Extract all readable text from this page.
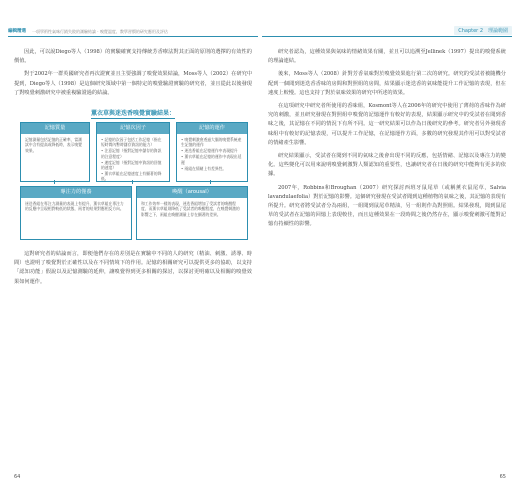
編輯精選 一項學術性氣味行銷失敗的測驗結論 · 嗅覺溫度、教學習慣的研究應用及評估

因此，可以說Diego等人（1998）的實驗確實支持傳統芳香療法對其正面的原則的選擇的有效性的價值。

對于2002年一群英國研究者再次證實並且主要強調了嗅覺效果結論，Moss等人（2002）在研究中提到，Diego等人（1998）是這個研究領域中第一個特定的嗅覺驗證實驗的研究者，並且從此以後發現了對嗅覺刺激研究中被重複驗證過的結論。

薰衣草與迷迭香嗅覺實驗結果：
記憶質量
記憶測量包括記憶的正確率，當測試中含有提高或降低時，表示嗅覺效果。
記憶次因子
• 記憶的次因子包括工作記憶（指在短時間內暫時儲存資訊的能力）
• 注意記憶（指對記憶中儲存的資訊的注意程度）
• 速度記憶（指對記憶中資訊的回憶的速度）
• 薰衣草組在記憶速度上有顯著的降低。
記憶的運作
• 嗅覺刺激會透過大腦的嗅覺系統產生記憶的運作
• 迷迭香組在記憶運作中表現提升
• 薰衣草組在記憶的運作中表現出延遲
• 兩組在情緒上有差異性。
專注力的僅養
迷迭香組在專注力測量的表現上有提升，薰衣草組在專注力的反應中呈現相對較低的狀態，兩者的結果對應相反方向。
喚醒（arousal）
和工作效率一樣的表現，迷迭香組增加了受試者的喚醒程度，而薰衣草組則降低了受試者的喚醒程度，在嗅覺刺激的影響之下，兩組在喚醒測量上存在顯著的差異。

這對研究者的結論而言，即便他們存在的差別是在實驗中不同的人的研究（精油、刺激、誘導、時間）也證明了嗅覺對於正確性以及在不同情境下的作用。記憶的相關研究可以提供更多的協助，以支持「認知功能」假說以及記憶測驗的延伸，讓嗅覺得到更多相關的探討，以探討更明確以及相關的嗅覺效果如何運作。

64
Chapter 2　理論範圍

研究者認為，這種效果與氣味的情緒效果有關，並且可以追溯至Jellinek（1997）提出的嗅覺系統的理論連結。

後來，Moss等人（2008）針對芳香氣味對於嗅覺效果進行第二次的研究。研究的受試者被隨機分配到一個聞到迷迭香香味的房間和對照組的房間，結果顯示迷迭香的氣味能提升工作記憶的表現，但在速度上較慢。這也支持了對於氣味效果的研究中所述的效果。

在這項研究中研究者所使用的香味組，Kosmont等人在2006年的研究中使用了薄荷的香味作為研究的刺激，並且研究發現在對照組中嗅覺的記憶運作有較好的表現，結果顯示研究中的受試者在聞到香味之後，其記憶在不同的情況下有所不同。這一研究結果可以作為日後研究的參考。研究者另外發現香味組中有較好的記憶表現，可以提升工作記憶，在記憶運作方面，多數的研究發現其作用可以對受試者的情緒產生影響。

研究結果顯示，受試者在聞到不同的氣味之後會出現不同的反應，包括情緒、記憶以及專注力的變化。這些變化可以用來說明嗅覺刺激對人類認知的重要性，也讓研究者在日後的研究中能夠有更多的依據。

2007年，Robbins和Broughan（2007）研究探討西班牙鼠尾草（或稱薰衣鼠尾草，Salvia lavandulaefolia）對於記憶的影響。這個研究發現在受試者聞到這種植物的氣味之後，其記憶的表現有所提升。研究者將受試者分為兩組，一組聞到鼠尾草精油，另一組則作為對照組。結果發現，聞到鼠尾草的受試者在記憶的回憶上表現較佳，而且這種效果在一段時間之後仍然存在，顯示嗅覺刺激可能對記憶有持續性的影響。

65
